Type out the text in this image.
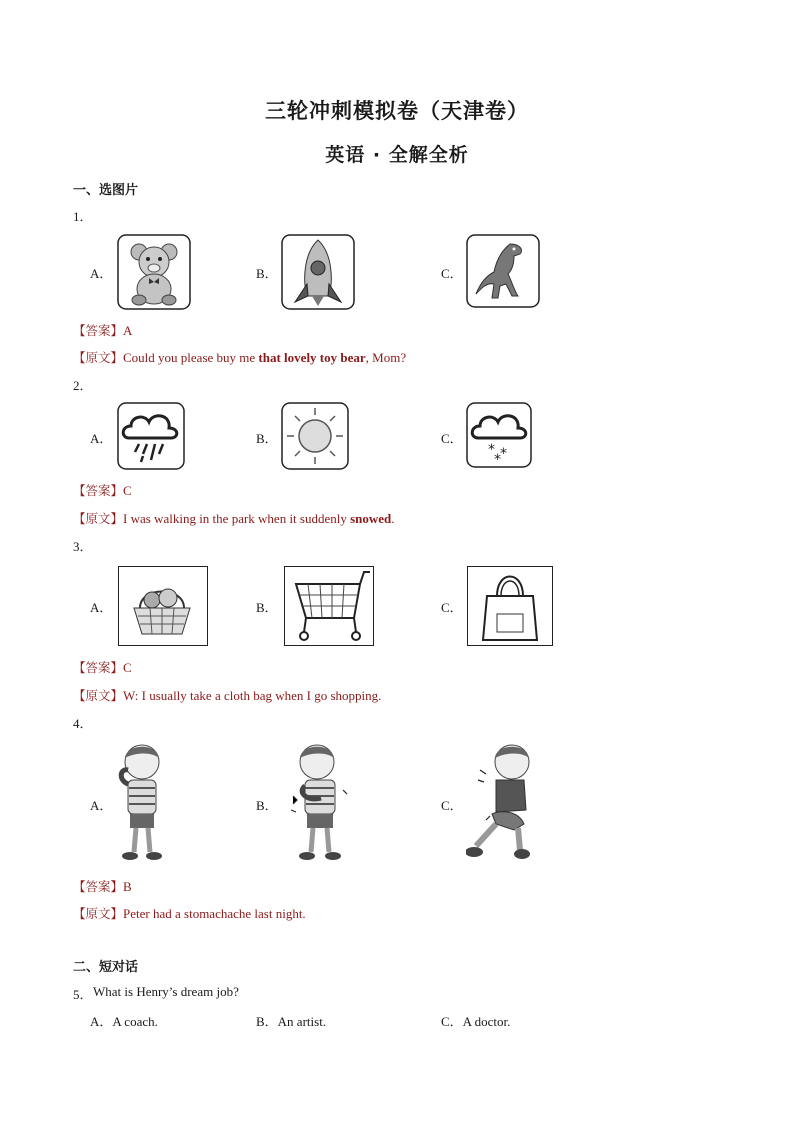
三轮冲刺模拟卷（天津卷）
英语 · 全解全析
一、选图片
1．
A．	B．	C．
【答案】A
【原文】Could you please buy me that lovely toy bear, Mom?
2．
A．	B．	C．
* *
*
【答案】C
【原文】I was walking in the park when it suddenly snowed.
3．
A．	B．	C．
【答案】C
【原文】W: I usually take a cloth bag when I go shopping.
4．
A．	B．	C．
【答案】B
【原文】Peter had a stomachache last night.
二、短对话
5． What is Henry’s dream job?
A．A coach.	B．An artist.	C．A doctor.
